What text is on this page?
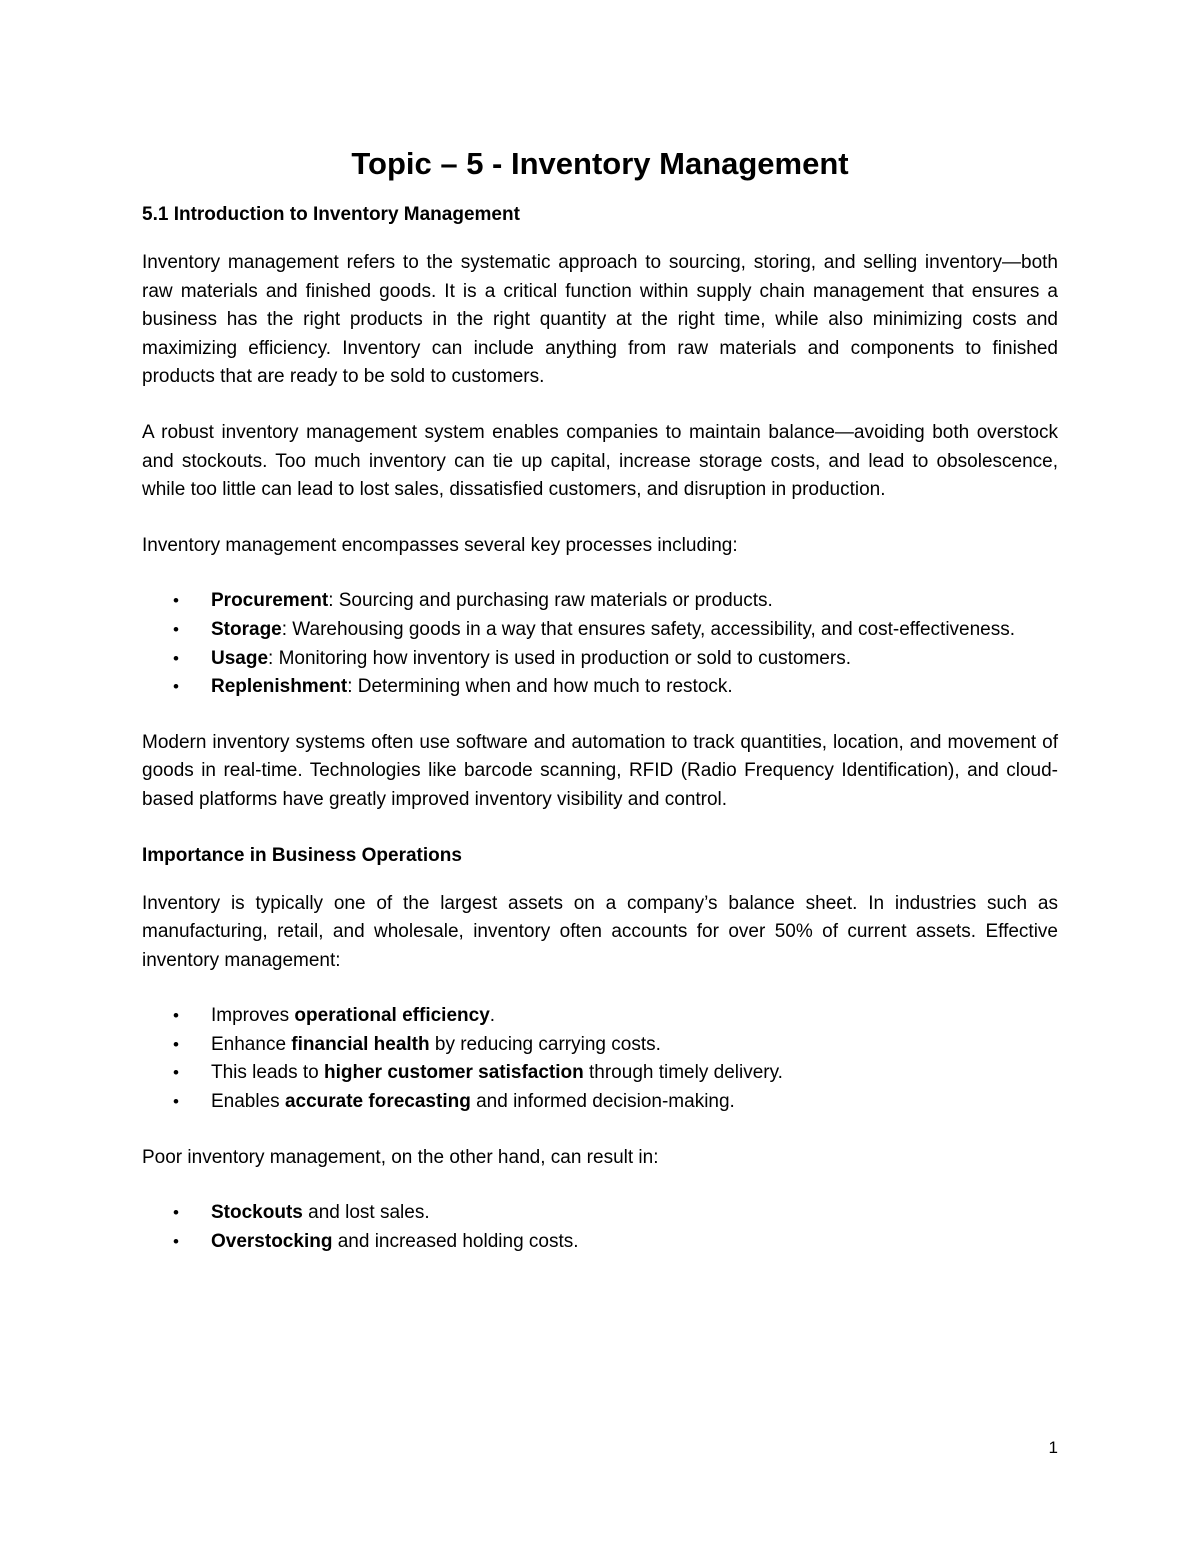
Topic – 5 - Inventory Management
5.1 Introduction to Inventory Management

Inventory management refers to the systematic approach to sourcing, storing, and selling inventory—both raw materials and finished goods. It is a critical function within supply chain management that ensures a business has the right products in the right quantity at the right time, while also minimizing costs and maximizing efficiency. Inventory can include anything from raw materials and components to finished products that are ready to be sold to customers.

A robust inventory management system enables companies to maintain balance—avoiding both overstock and stockouts. Too much inventory can tie up capital, increase storage costs, and lead to obsolescence, while too little can lead to lost sales, dissatisfied customers, and disruption in production.

Inventory management encompasses several key processes including:

• Procurement: Sourcing and purchasing raw materials or products.
• Storage: Warehousing goods in a way that ensures safety, accessibility, and cost-effectiveness.
• Usage: Monitoring how inventory is used in production or sold to customers.
• Replenishment: Determining when and how much to restock.

Modern inventory systems often use software and automation to track quantities, location, and movement of goods in real-time. Technologies like barcode scanning, RFID (Radio Frequency Identification), and cloud-based platforms have greatly improved inventory visibility and control.

Importance in Business Operations

Inventory is typically one of the largest assets on a company’s balance sheet. In industries such as manufacturing, retail, and wholesale, inventory often accounts for over 50% of current assets. Effective inventory management:

• Improves operational efficiency.
• Enhance financial health by reducing carrying costs.
• This leads to higher customer satisfaction through timely delivery.
• Enables accurate forecasting and informed decision-making.

Poor inventory management, on the other hand, can result in:

• Stockouts and lost sales.
• Overstocking and increased holding costs.
1
